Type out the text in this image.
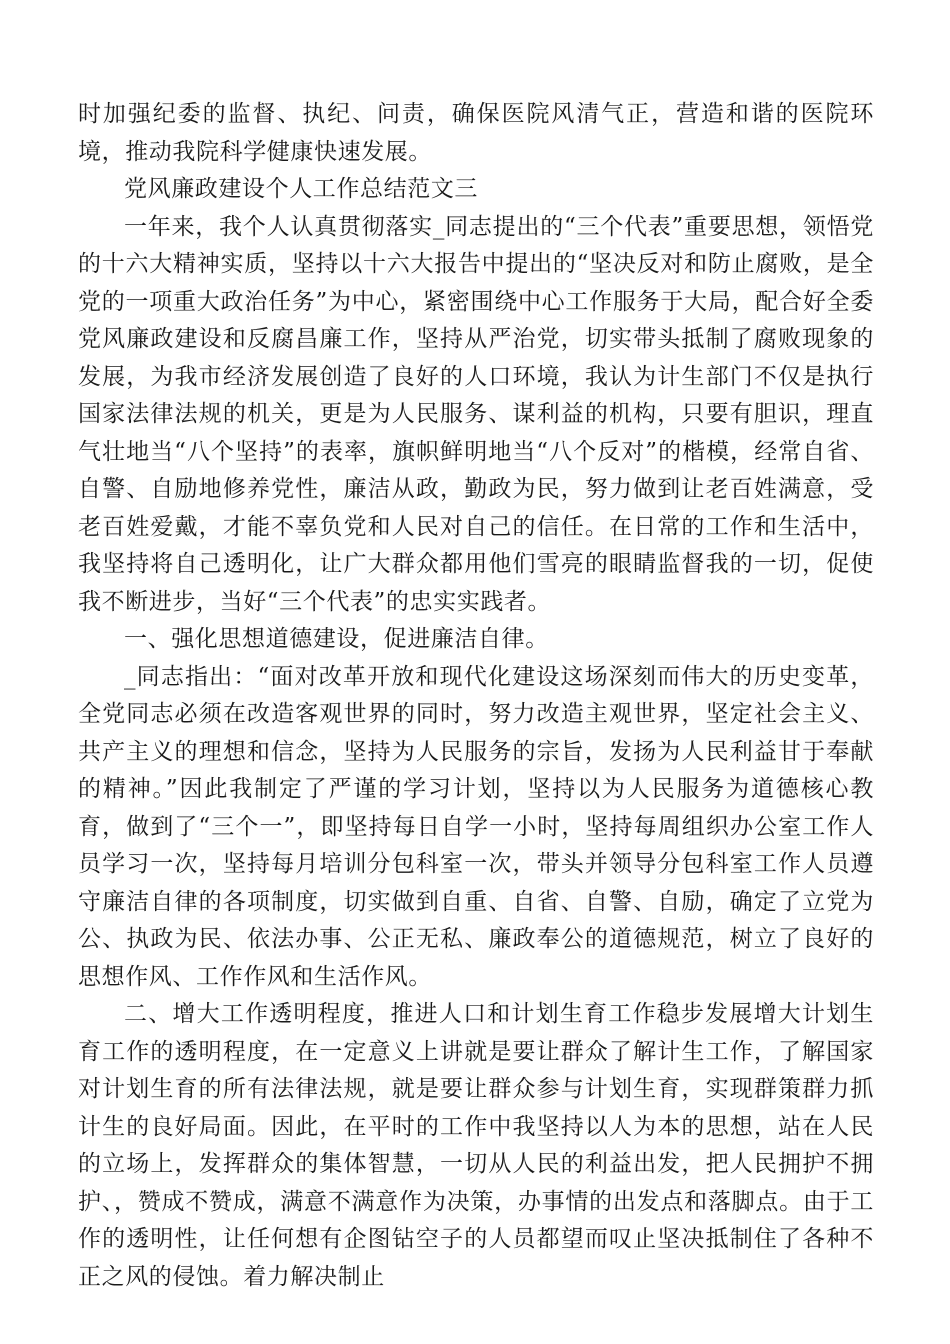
时加强纪委的监督、执纪、问责，确保医院风清气正，营造和谐的医院环境，推动我院科学健康快速发展。

党风廉政建设个人工作总结范文三

一年来，我个人认真贯彻落实_同志提出的“三个代表”重要思想，领悟党的十六大精神实质，坚持以十六大报告中提出的“坚决反对和防止腐败，是全党的一项重大政治任务”为中心，紧密围绕中心工作服务于大局，配合好全委党风廉政建设和反腐昌廉工作，坚持从严治党，切实带头抵制了腐败现象的发展，为我市经济发展创造了良好的人口环境，我认为计生部门不仅是执行国家法律法规的机关，更是为人民服务、谋利益的机构，只要有胆识，理直气壮地当“八个坚持”的表率，旗帜鲜明地当“八个反对”的楷模，经常自省、自警、自励地修养党性，廉洁从政，勤政为民，努力做到让老百姓满意，受老百姓爱戴，才能不辜负党和人民对自己的信任。在日常的工作和生活中，我坚持将自己透明化，让广大群众都用他们雪亮的眼睛监督我的一切，促使我不断进步，当好“三个代表”的忠实实践者。

一、强化思想道德建设，促进廉洁自律。

_同志指出：“面对改革开放和现代化建设这场深刻而伟大的历史变革，全党同志必须在改造客观世界的同时，努力改造主观世界，坚定社会主义、共产主义的理想和信念，坚持为人民服务的宗旨，发扬为人民利益甘于奉献的精神。”因此我制定了严谨的学习计划，坚持以为人民服务为道德核心教育，做到了“三个一”，即坚持每日自学一小时，坚持每周组织办公室工作人员学习一次，坚持每月培训分包科室一次，带头并领导分包科室工作人员遵守廉洁自律的各项制度，切实做到自重、自省、自警、自励，确定了立党为公、执政为民、依法办事、公正无私、廉政奉公的道德规范，树立了良好的思想作风、工作作风和生活作风。

二、增大工作透明程度，推进人口和计划生育工作稳步发展增大计划生育工作的透明程度，在一定意义上讲就是要让群众了解计生工作，了解国家对计划生育的所有法律法规，就是要让群众参与计划生育，实现群策群力抓计生的良好局面。因此，在平时的工作中我坚持以人为本的思想，站在人民的立场上，发挥群众的集体智慧，一切从人民的利益出发，把人民拥护不拥护、，赞成不赞成，满意不满意作为决策，办事情的出发点和落脚点。由于工作的透明性，让任何想有企图钻空子的人员都望而叹止坚决抵制住了各种不正之风的侵蚀。着力解决制止
